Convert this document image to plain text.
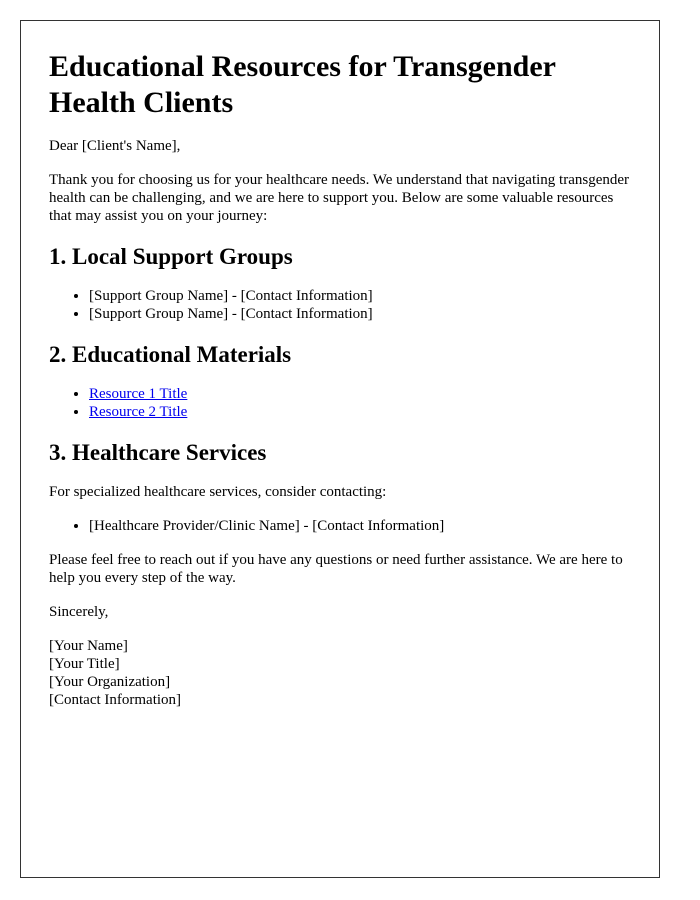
Educational Resources for Transgender Health Clients

Dear [Client's Name],

Thank you for choosing us for your healthcare needs. We understand that navigating transgender health can be challenging, and we are here to support you. Below are some valuable resources that may assist you on your journey:

1. Local Support Groups
• [Support Group Name] - [Contact Information]
• [Support Group Name] - [Contact Information]
2. Educational Materials
• Resource 1 Title
• Resource 2 Title
3. Healthcare Services

For specialized healthcare services, consider contacting:

• [Healthcare Provider/Clinic Name] - [Contact Information]

Please feel free to reach out if you have any questions or need further assistance. We are here to help you every step of the way.

Sincerely,

[Your Name]
[Your Title]
[Your Organization]
[Contact Information]
